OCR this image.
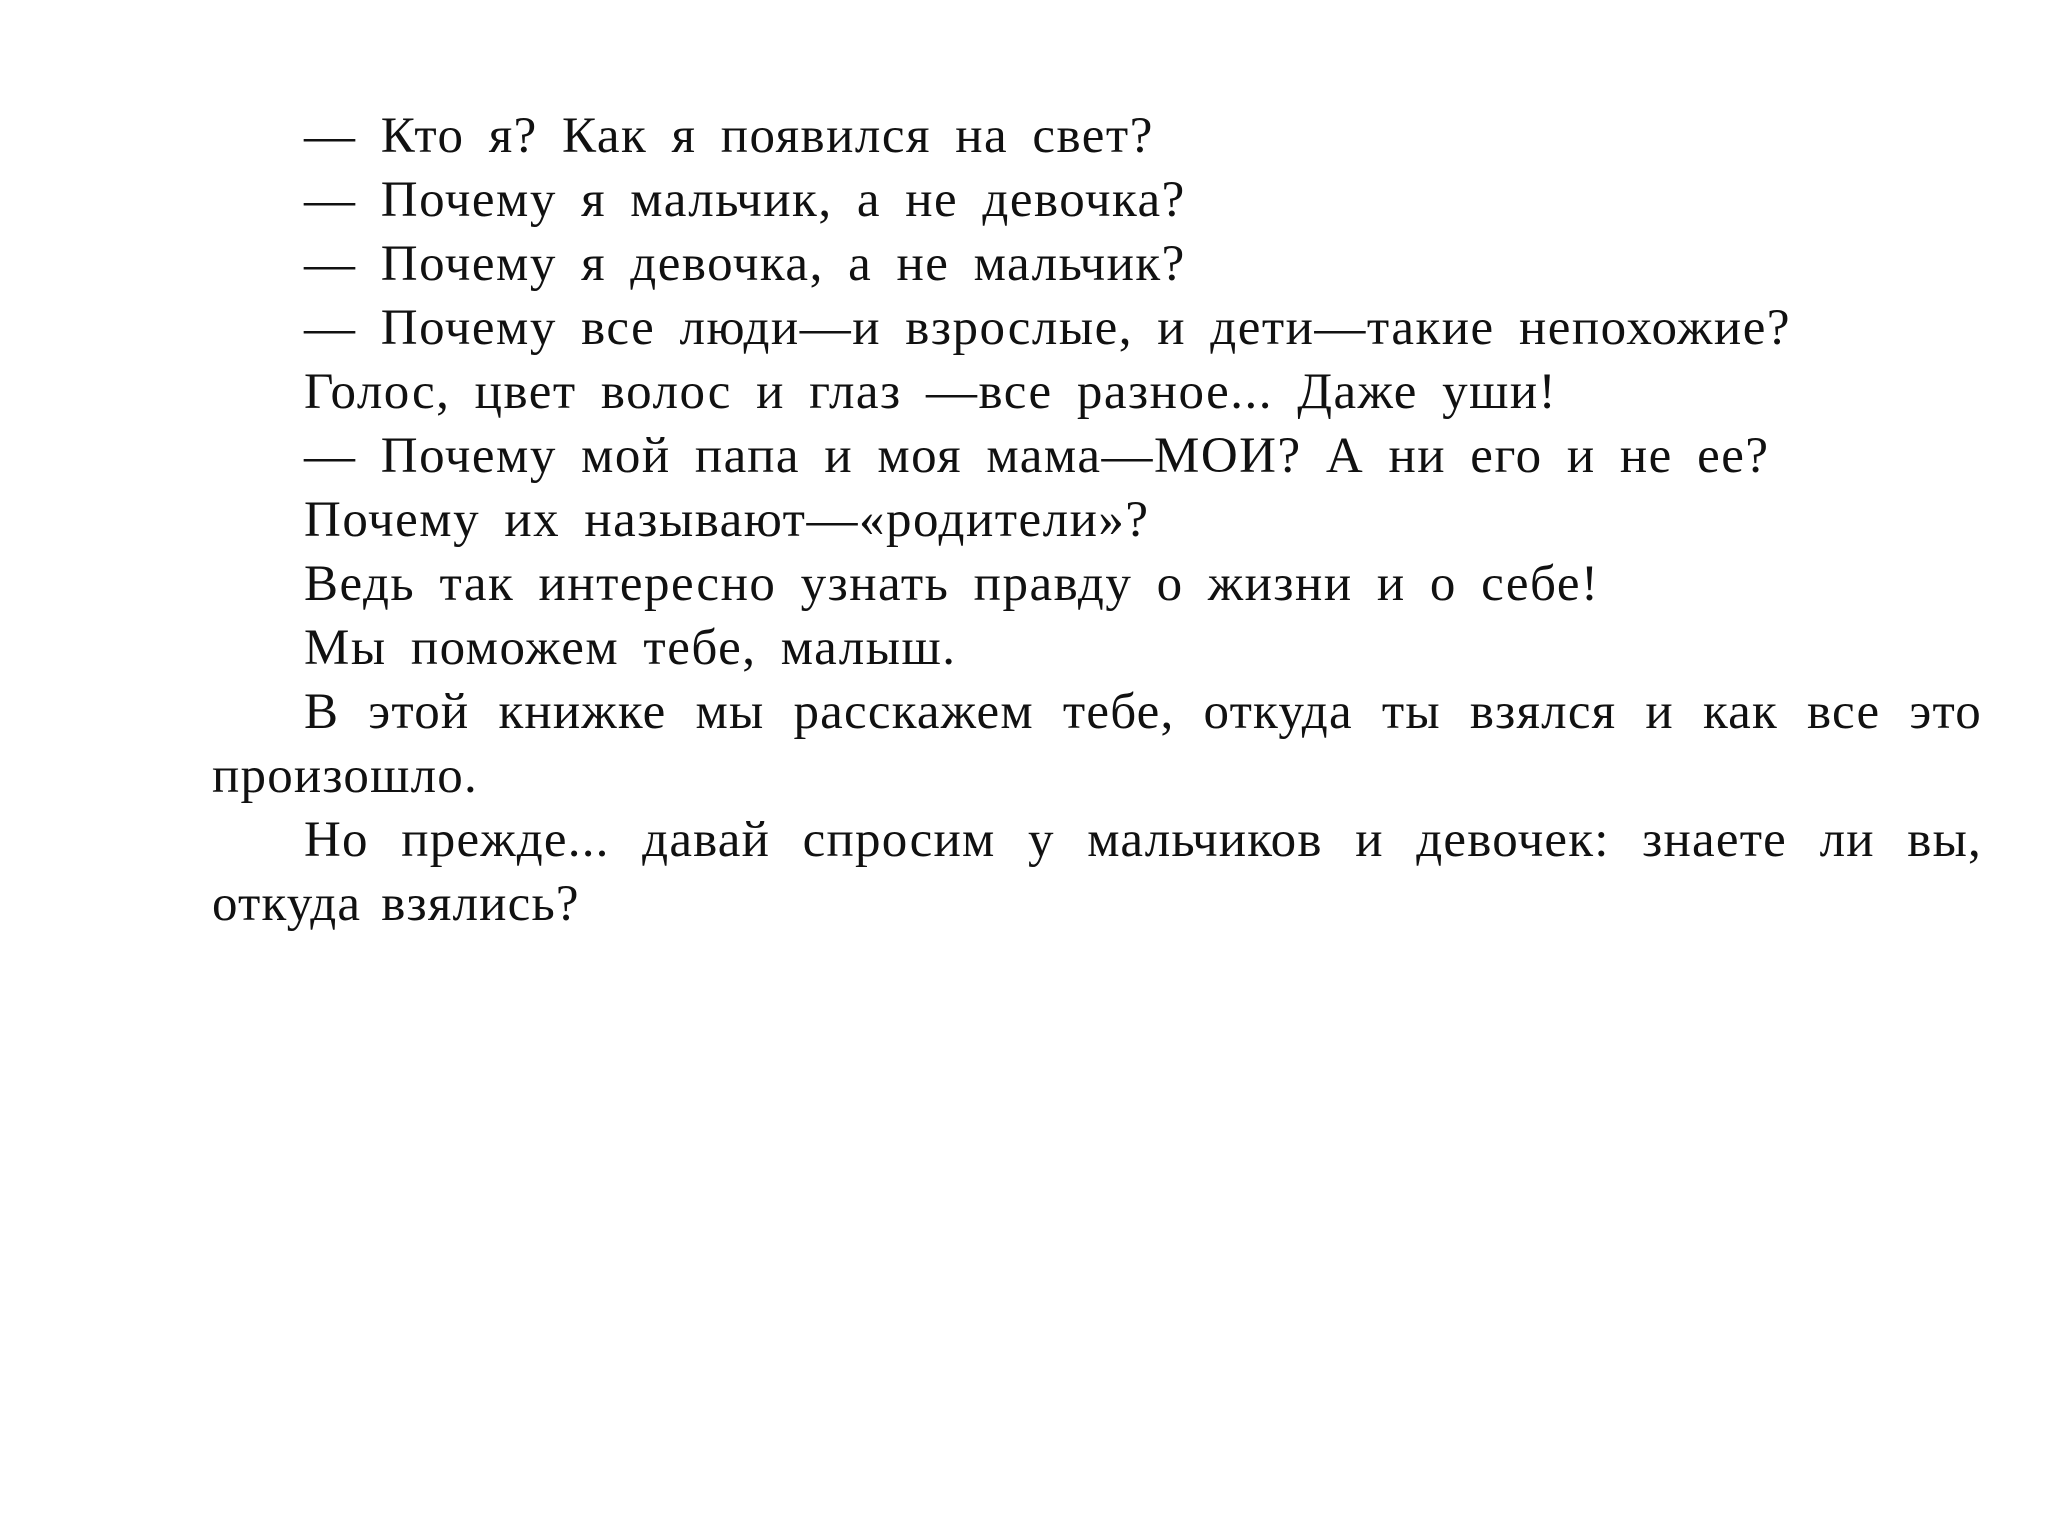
— Кто я? Как я появился на свет?
— Почему я мальчик, а не девочка?
— Почему я девочка, а не мальчик?
— Почему все люди—и взрослые, и дети—такие непохожие?
Голос, цвет волос и глаз —все разное... Даже уши!
— Почему мой папа и моя мама—МОИ? А ни его и не ее?
Почему их называют—«родители»?
Ведь так интересно узнать правду о жизни и о себе!
Мы поможем тебе, малыш.
В этой книжке мы расскажем тебе, откуда ты взялся и как все это произошло.
Но прежде... давай спросим у мальчиков и девочек: знаете ли вы, откуда взялись?
